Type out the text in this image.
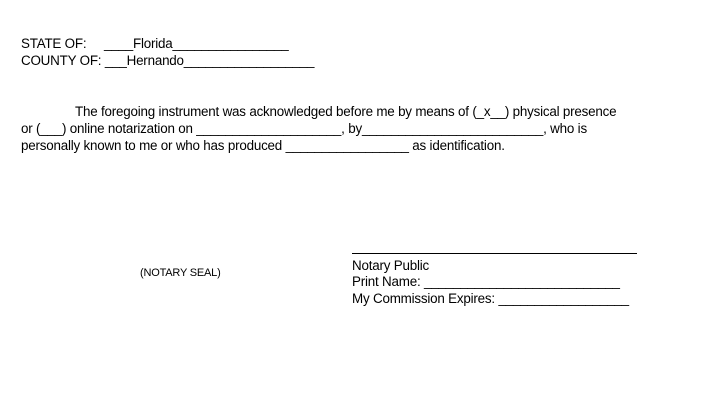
STATE OF:     ____Florida________________
COUNTY OF: ___Hernando__________________
The foregoing instrument was acknowledged before me by means of (_x__) physical presence
or (___) online notarization on ____________________, by_________________________, who is
personally known to me or who has produced _________________ as identification.
(NOTARY SEAL)	Notary Public
Print Name: ___________________________
My Commission Expires: __________________
